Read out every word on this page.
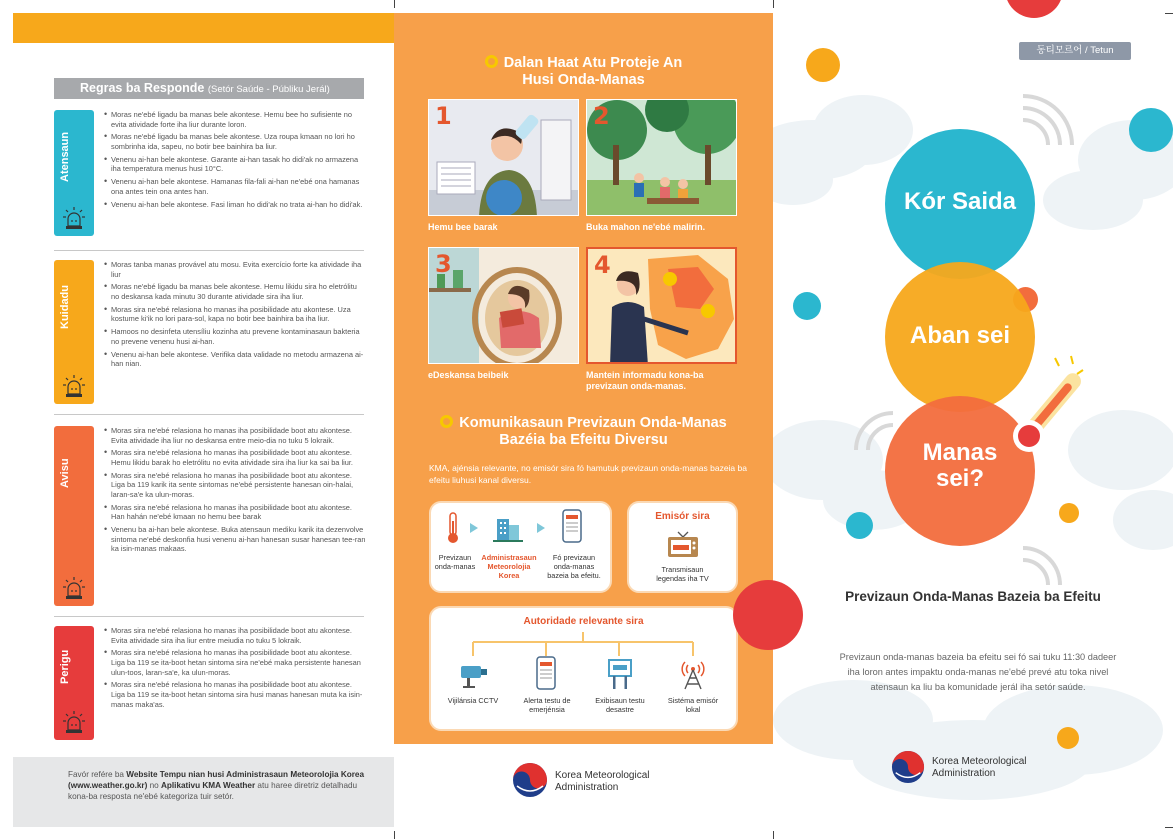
Regras ba Responde (Setór Saúde - Públiku Jerál)
Atensaun
• Moras ne'ebé ligadu ba manas bele akontese. Hemu bee ho sufisiente no evita atividade forte iha liur durante loron.
• Moras ne'ebé ligadu ba manas bele akontese. Uza roupa kmaan no lori ho sombrinha ida, sapeu, no botir bee bainhira ba liur.
• Venenu ai-han bele akontese. Garante ai-han tasak ho didi'ak no armazena iha temperatura menus husi 10°C.
• Venenu ai-han bele akontese. Hamanas fila-fali ai-han ne'ebé ona hamanas ona antes tein ona antes han.
• Venenu ai-han bele akontese. Fasi liman ho didi'ak no trata ai-han ho didi'ak.
Kuidadu
• Moras tanba manas provável atu mosu. Evita exercício forte ka atividade iha liur
• Moras ne'ebé ligadu ba manas bele akontese. Hemu likidu sira ho eletrólitu no deskansa kada minutu 30 durante atividade sira iha liur.
• Moras sira ne'ebé relasiona ho manas iha posibilidade atu akontese. Uza kostume ki'ik no lori para-sol, kapa no botir bee bainhira ba iha liur.
• Hamoos no desinfeta utensíliu kozinha atu prevene kontaminasaun bakteria no prevene venenu husi ai-han.
• Venenu ai-han bele akontese. Verifika data validade no metodu armazena ai-han nian.
Avisu
• Moras sira ne'ebé relasiona ho manas iha posibilidade boot atu akontese. Evita atividade iha liur no deskansa entre meio-dia no tuku 5 lokraik.
• Moras sira ne'ebé relasiona ho manas iha posibilidade boot atu akontese. Hemu likidu barak ho eletrólitu no evita atividade sira iha liur ka sai ba liur.
• Moras sira ne'ebé relasiona ho manas iha posibilidade boot atu akontese. Liga ba 119 karik ita sente sintomas ne'ebé persistente hanesan oin-halai, laran-sa'e ka ulun-moras.
• Moras sira ne'ebé relasiona ho manas iha posibilidade boot atu akontese. Han hahán ne'ebé kmaan no hemu bee barak
• Venenu ba ai-han bele akontese. Buka atensaun mediku karik ita dezenvolve sintoma ne'ebé deskonfia husi venenu ai-han hanesan susar hanesan tee-ran ka isin-manas makaas.
Perigu
• Moras sira ne'ebé relasiona ho manas iha posibilidade boot atu akontese. Evita atividade sira iha liur entre meiudia no tuku 5 lokraik.
• Moras sira ne'ebé relasiona ho manas iha posibilidade boot atu akontese. Liga ba 119 se ita-boot hetan sintoma sira ne'ebé maka persistente hanesan ulun-toos, laran-sa'e, ka ulun-moras.
• Moras sira ne'ebé relasiona ho manas iha posibilidade boot atu akontese. Liga ba 119 se ita-boot hetan sintoma sira husi manas hanesan muta ka isin-manas maka'as.
Favór refére ba Website Tempu nian husi Administrasaun Meteorolojia Korea (www.weather.go.kr) no Aplikativu KMA Weather atu haree diretriz detalhadu kona-ba resposta ne'ebé kategoriza tuir setór.
Dalan Haat Atu Proteje An
Husi Onda-Manas
1
Hemu bee barak
2
Buka mahon ne'ebé malirin.
3
eDeskansa beibeik
4
Mantein informadu kona-ba
previzaun onda-manas.
Komunikasaun Previzaun Onda-Manas
Bazéia ba Efeitu Diversu
KMA, ajénsia relevante, no emisór sira fó hamutuk previzaun onda-manas bazeia ba efeitu liuhusi kanal diversu.
Previzaun
onda-manas
Administrasaun
Meteorolojia
Korea
Fó previzaun
onda-manas
bazeia ba efeitu.
Emisór sira
Transmisaun
legendas iha TV
Autoridade relevante sira
Vijilánsia CCTV	Alerta testu de
emerjénsia
Exibisaun testu
desastre
Sistéma emisór
lokal
Korea Meteorological
Administration
동티모르어 / Tetun
Kór Saida
Aban sei
Manas
sei?
Previzaun Onda-Manas Bazeia ba Efeitu
Previzaun onda-manas bazeia ba efeitu sei fó sai tuku 11:30 dadeer
iha loron antes impaktu onda-manas ne'ebé prevé atu toka nivel
atensaun ka liu ba komunidade jerál iha setór saúde.
Korea Meteorological
Administration
